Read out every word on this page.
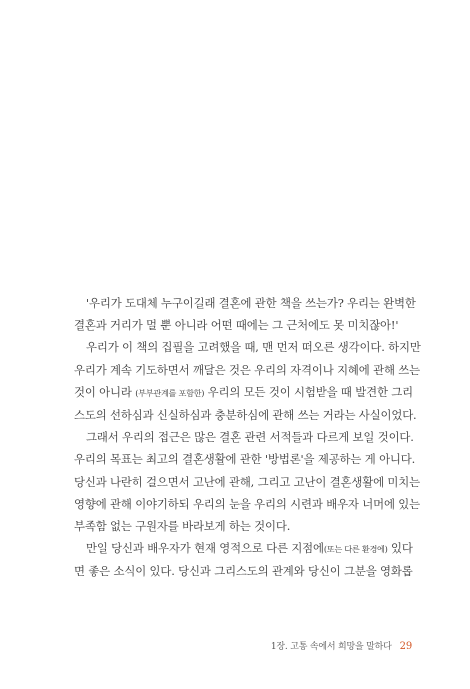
'우리가 도대체 누구이길래 결혼에 관한 책을 쓰는가? 우리는 완벽한
결혼과 거리가 멀 뿐 아니라 어떤 때에는 그 근처에도 못 미치잖아!'

우리가 이 책의 집필을 고려했을 때, 맨 먼저 떠오른 생각이다. 하지만
우리가 계속 기도하면서 깨달은 것은 우리의 자격이나 지혜에 관해 쓰는
것이 아니라 (부부관계를 포함한) 우리의 모든 것이 시험받을 때 발견한 그리
스도의 선하심과 신실하심과 충분하심에 관해 쓰는 거라는 사실이었다.

그래서 우리의 접근은 많은 결혼 관련 서적들과 다르게 보일 것이다.
우리의 목표는 최고의 결혼생활에 관한 '방법론'을 제공하는 게 아니다.
당신과 나란히 걸으면서 고난에 관해, 그리고 고난이 결혼생활에 미치는
영향에 관해 이야기하되 우리의 눈을 우리의 시련과 배우자 너머에 있는
부족함 없는 구원자를 바라보게 하는 것이다.

만일 당신과 배우자가 현재 영적으로 다른 지점에(또는 다른 환경에) 있다
면 좋은 소식이 있다. 당신과 그리스도의 관계와 당신이 그분을 영화롭

1장. 고통 속에서 희망을 말하다 29
